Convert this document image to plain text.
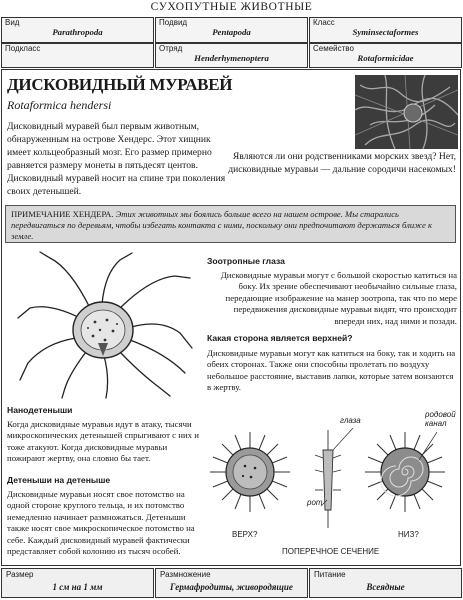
СУХОПУТНЫЕ ЖИВОТНЫЕ
Вид
Parathropoda
Подвид
Pentapoda
Класс
Syminsectaformes
Подкласс	Отряд
Henderhymenoptera
Семейство
Rotaformicidae
ДИСКОВИДНЫЙ МУРАВЕЙ
Rotaformica hendersi
Дисковидный муравей был первым животным, обнаруженным на острове Хендерс. Этот хищник имеет кольцеобразный мозг. Его размер примерно равняется размеру монеты в пятьдесят центов. Дисковидный муравей носит на спине три поколения своих детенышей.
Являются ли они родственниками морских звезд? Нет, дисковидные муравьи — дальние сородичи насекомых!
ПРИМЕЧАНИЕ ХЕНДЕРА. Этих животных мы боялись больше всего на нашем острове. Мы старались передвигаться по деревьям, чтобы избегать контакта с ними, поскольку они предпочитают держаться ближе к земле.
Зоотропные глаза
Дисковидные муравьи могут с большой скоростью катиться на боку. Их зрение обеспечивают необычайно сильные глаза, передающие изображение на манер зоотропа, так что по мере передвижения дисковидные муравьи видят, что происходит впереди них, над ними и позади.
Какая сторона является верхней?
Дисковидные муравьи могут как катиться на боку, так и ходить на обеих сторонах. Также они способны пролетать по воздуху небольшое расстояние, выставив лапки, которые затем вонзаются в жертву.
Нанодетеныши
Когда дисковидные муравьи идут в атаку, тысячи микроскопических детенышей спрыгивают с них и тоже атакуют. Когда дисковидные муравьи пожирают жертву, она словно бы тает.
Детеныши на детеныше
Дисковидные муравьи носят свое потомство на одной стороне круглого тельца, и их потомство немедленно начинает размножаться. Детеныши также носят свое микроскопическое потомство на себе. Каждый дисковидный муравей фактически представляет собой колонию из тысяч особей.
глаза
родовой канал
рот
ВЕРХ?	НИЗ?
ПОПЕРЕЧНОЕ СЕЧЕНИЕ
Размер
1 см на 1 мм
Размножение
Гермафродиты, живородящие
Питание
Всеядные
